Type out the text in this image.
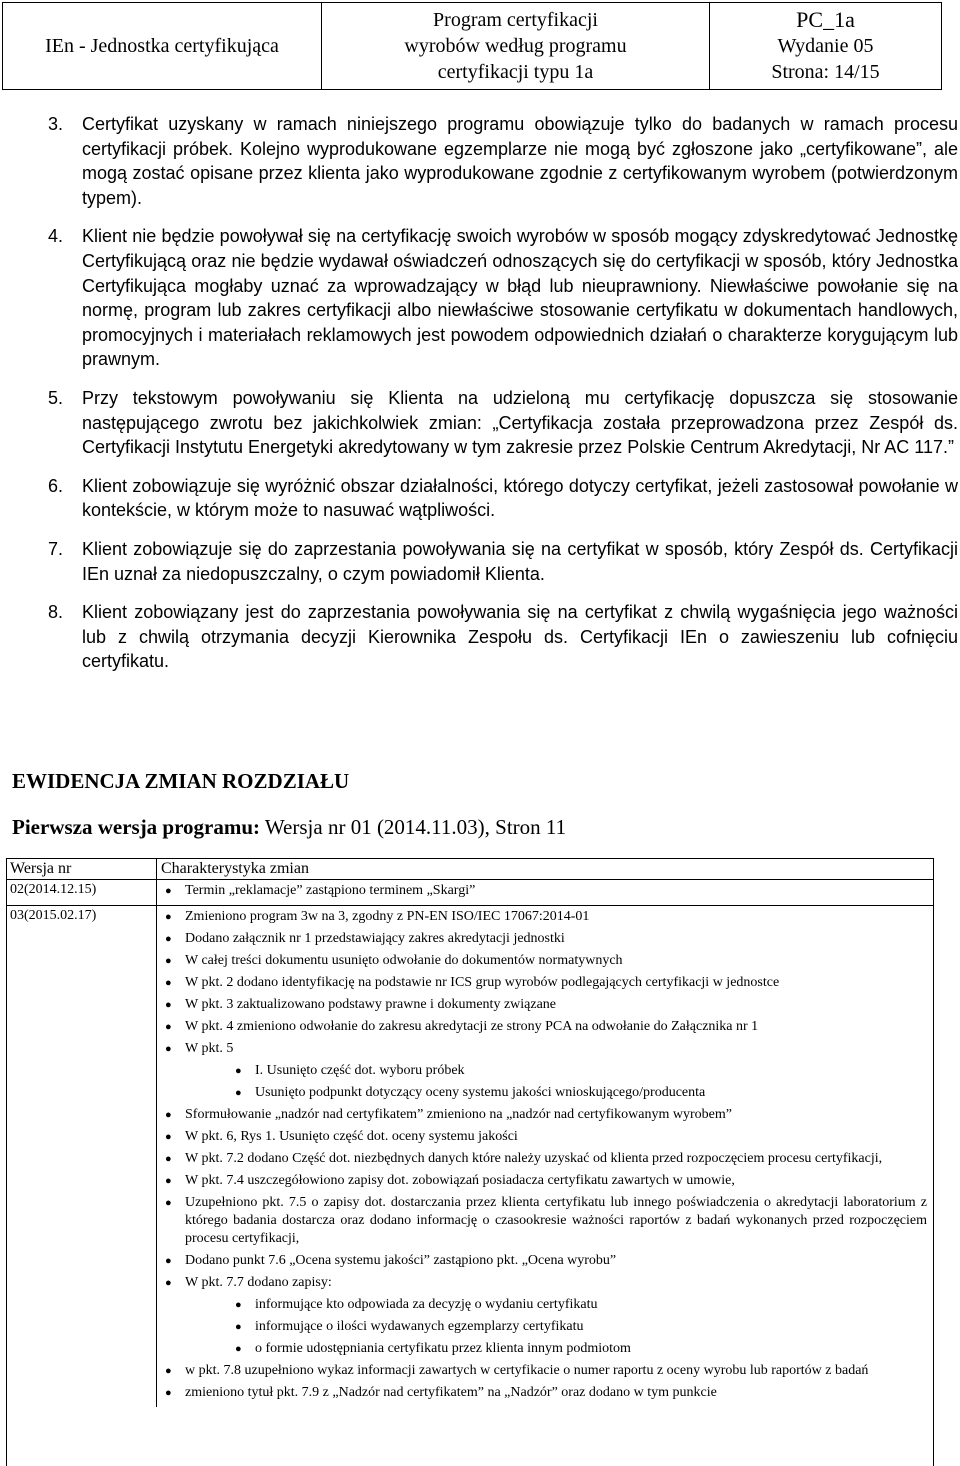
IEn - Jednostka certyfikująca
Program certyfikacji
wyrobów według programu
certyfikacji typu 1a
PC_1a
Wydanie 05
Strona: 14/15
3.	Certyfikat uzyskany w ramach niniejszego programu obowiązuje tylko do badanych w ramach procesu certyfikacji próbek. Kolejno wyprodukowane egzemplarze nie mogą być zgłoszone jako „certyfikowane”, ale mogą zostać opisane przez klienta jako wyprodukowane zgodnie z certyfikowanym wyrobem (potwierdzonym typem).
4.	Klient nie będzie powoływał się na certyfikację swoich wyrobów w sposób mogący zdyskredytować Jednostkę Certyfikującą oraz nie będzie wydawał oświadczeń odnoszących się do certyfikacji w sposób, który Jednostka Certyfikująca mogłaby uznać za wprowadzający w błąd lub nieuprawniony. Niewłaściwe powołanie się na normę, program lub zakres certyfikacji albo niewłaściwe stosowanie certyfikatu w dokumentach handlowych, promocyjnych i materiałach reklamowych jest powodem odpowiednich działań o charakterze korygującym lub prawnym.
5.	Przy tekstowym powoływaniu się Klienta na udzieloną mu certyfikację dopuszcza się stosowanie następującego zwrotu bez jakichkolwiek zmian: „Certyfikacja została przeprowadzona przez Zespół ds. Certyfikacji Instytutu Energetyki akredytowany w tym zakresie przez Polskie Centrum Akredytacji, Nr AC 117.”
6.	Klient zobowiązuje się wyróżnić obszar działalności, którego dotyczy certyfikat, jeżeli zastosował powołanie w kontekście, w którym może to nasuwać wątpliwości.
7.	Klient zobowiązuje się do zaprzestania powoływania się na certyfikat w sposób, który Zespół ds. Certyfikacji IEn uznał za niedopuszczalny, o czym powiadomił Klienta.
8.	Klient zobowiązany jest do zaprzestania powoływania się na certyfikat z chwilą wygaśnięcia jego ważności lub z chwilą otrzymania decyzji Kierownika Zespołu ds. Certyfikacji IEn o zawieszeniu lub cofnięciu certyfikatu.
EWIDENCJA ZMIAN ROZDZIAŁU
Pierwsza wersja programu: Wersja nr 01 (2014.11.03), Stron 11
Wersja nr	Charakterystyka zmian
02(2014.12.15)	● Termin „reklamacje” zastąpiono terminem „Skargi”
03(2015.02.17)	● Zmieniono program 3w na 3, zgodny z PN-EN ISO/IEC 17067:2014-01
● Dodano załącznik nr 1 przedstawiający zakres akredytacji jednostki
● W całej treści dokumentu usunięto odwołanie do dokumentów normatywnych
● W pkt. 2 dodano identyfikację na podstawie nr ICS grup wyrobów podlegających certyfikacji w jednostce
● W pkt. 3 zaktualizowano podstawy prawne i dokumenty związane
● W pkt. 4 zmieniono odwołanie do zakresu akredytacji ze strony PCA na odwołanie do Załącznika nr 1
● W pkt. 5
● I. Usunięto część dot. wyboru próbek
● Usunięto podpunkt dotyczący oceny systemu jakości wnioskującego/producenta
● Sformułowanie „nadzór nad certyfikatem” zmieniono na „nadzór nad certyfikowanym wyrobem”
● W pkt. 6, Rys 1. Usunięto część dot. oceny systemu jakości
● W pkt. 7.2 dodano Część dot. niezbędnych danych które należy uzyskać od klienta przed rozpoczęciem procesu certyfikacji,
● W pkt. 7.4 uszczegółowiono zapisy dot. zobowiązań posiadacza certyfikatu zawartych w umowie,
● Uzupełniono pkt. 7.5 o zapisy dot. dostarczania przez klienta certyfikatu lub innego poświadczenia o akredytacji laboratorium z którego badania dostarcza oraz dodano informację o czasookresie ważności raportów z badań wykonanych przed rozpoczęciem procesu certyfikacji,
● Dodano punkt 7.6 „Ocena systemu jakości” zastąpiono pkt. „Ocena wyrobu”
● W pkt. 7.7 dodano zapisy:
● informujące kto odpowiada za decyzję o wydaniu certyfikatu
● informujące o ilości wydawanych egzemplarzy certyfikatu
● o formie udostępniania certyfikatu przez klienta innym podmiotom
● w pkt. 7.8 uzupełniono wykaz informacji zawartych w certyfikacie o numer raportu z oceny wyrobu lub raportów z badań
● zmieniono tytuł pkt. 7.9 z „Nadzór nad certyfikatem” na „Nadzór” oraz dodano w tym punkcie
